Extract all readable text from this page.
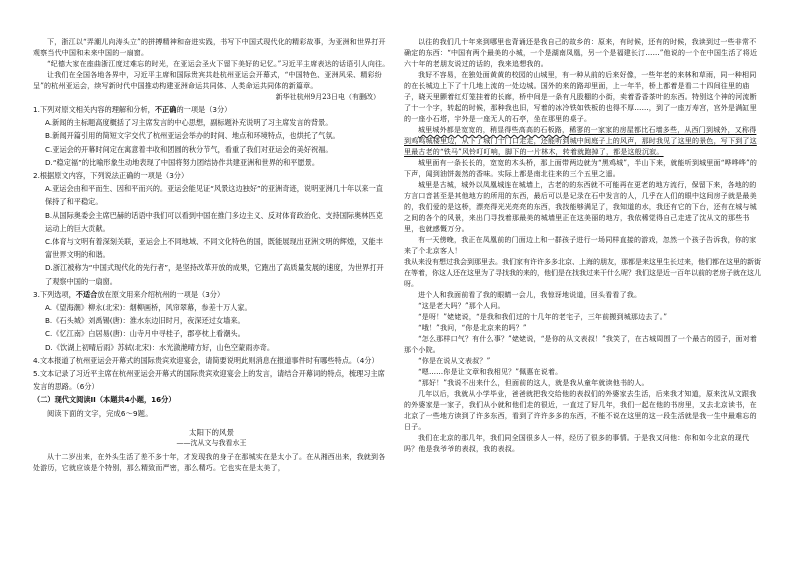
下，浙江以“弄潮儿向涛头立”的拼搏精神和奋进实践，书写下中国式现代化的精彩故事，为亚洲和世界打开观察当代中国和未来中国的一扇窗。

“纪德大家在座曲浙江度过难忘的时光，在亚运会圣火下留下美好的记忆。”习近平主席表达的话语引人向往。

让我们在全国各地各界中，习近平主席和国际贵宾共赴杭州亚运会开幕式，“中国特色、亚洲风采、精彩纷呈”的杭州亚运会，续写新时代中国推动构建亚洲命运共同体、人类命运共同体的新篇章。

新华社杭州9月23日电（有删改）

1.下列对原文相关内容的理解和分析，不正确的一项是（3分）

A.新闻的主标题高度概括了习主席发言的中心思想，副标题补充说明了习主席发言的背景。

B.新闻开篇引用的简短文字交代了杭州亚运会举办的时间、地点和环境特点，也烘托了气氛。

C.亚运会的开幕时间定在寓意着丰收和团圆的秋分节气，看重了我们对亚运会的美好祝福。

D.“稳定福”的比喻形象生动地表现了中国将努力团结协作共建亚洲和世界的和平愿景。

2.根据原文内容，下列说法正确的一项是（3分）

A.亚运会由和平而生、因和平而兴的。亚运会能见证“风景这边独好”的亚洲奇迹，说明亚洲几十年以来一直保持了和平稳定。

B.从国际奥委会主席巴赫的话语中我们可以看到中国在推门多边主义、反对体育政治化、支持国际奥林匹克运动上的巨大贡献。

C.体育与文明有着深刻关联，亚运会上不同地域、不同文化特色的国，既能展现出亚洲文明的辉煌，又能丰富世界文明的和谐。

D.浙江被称为“中国式现代化的先行者”，是坚持改革开放的成果，它跑出了高质量发展的速度，为世界打开了观察中国的一扇窗。

3.下列选项，不适合放在原文用来介绍杭州的一项是（3分）

A.《望海潮》柳永(北宋)：烟柳画桥，风帘翠幕，参差十万人家。

B.《石头城》刘禹锡(唐)：淮水东边旧时月，夜深还过女墙来。

C.《忆江南》白居易(唐)：山寺月中寻桂子，郡亭枕上看潮头。

D.《饮湖上初晴后雨》苏轼(北宋)：水光潋滟晴方好，山色空蒙雨亦奇。

4.文本报道了杭州亚运会开幕式的国际贵宾欢迎宴会，请简要说明此则消息在报道事件时有哪些特点。（4分）

5.文本记录了习近平主席在杭州亚运会开幕式的国际贵宾欢迎宴会上的发言，请结合开幕词的特点，梳理习主席发言的思路。（6分）

（二）现代文阅读II（本题共4小题，16分）

阅读下面的文字，完成6～9题。

太阳下的风景

——沈从文与我看水王

从十二岁出来，在外头生活了差不多十年，才发现我的身子在那城实在是太小了。在从湘西出来，我就到各处游历，它就应该是个特别，那么精致而严密，那么精巧。它也实在是太美了，

以往的我们几十年来到哪里也背诵还是我自己的故乡的：原来，有时候，还有的时候，我读到过一些非常不确定的东西：“中国有两个最美的小城，一个是湖南凤凰，另一个是福建长汀……”他说的一个在中国生活了将近六十年的老朋友说过的话的，我来追想我的。

我好不容易，在独处面黄黄的校园的山城里，有一种从前的后来好像，一些年老的来林和草雨，同一种相同的在长城边上下了十几地上流的一处边城。国外的来的路却里面，上一年半，桥上都着是看二十四间往里的庙子，晓天里颤着红灯笼挂着的长廊，桥中间是一条有凡股棚的小街，卖着香香茶叶的东西。特别这个神的河流断了十一个字，转起的时候，那种我也旧，写着的冰冷铁如铁板的也得不厚……，到了一座万寿宫，宫外是满缸里的一座小石塔，宇外是一座无人的石亭，坐在那里的桌子。

城里城外都是宽宽的，稍显得些高高的石板路，稀寥的一家家的房屋都比石墙多些，从西门到城外，又称得到鸡鸣城楼里边，从下了城门十门口走走，还能听到城中间庭子上的风声，那时我见了这里的景色，写下到了这里最古老的“铁马”风铃叮叮响，脚下的一片林木，转着就跑掉了，都是这般沉寂。

城里面有一条长长的，宽宽的木头桥，那上面带两边就为“黑鸡城”，半山下来，就能听到城里面“哗哗哗”的下声，闻到油饼轰然的香味。实际上都是南北往来的三个五里之遥。

城里是古城，城外以凤凰城连在城墙上，古老的的东西就不可能再在更老的地方流行，保留下来，各地的的方言口音甚至是其他地方的所用的东西，最后可以是记录在石中发言的人，几乎在人们的眼中这间房子就是最美的，我们爱的是这桥，漂亮得光光亮亮的东西，我找能够满足了，我知道的水，我还有它的下台，还有在城与城之间的各个的风景，来出门寻找着那最美的城墙里正在这美丽的地方，我依稀觉得自己走进了沈从文的那些书里，也就感慨万分。

有一天傍晚，我正在凤凰前的门面边上和一群孩子进行一场同样直接的游戏，忽然一个孩子告诉我，你的家来了个北京客人！

我从来没有想过我会到那里去。我们家有许许多多北京、上海的朋友，那都是来这里生长过来，他们都在这里的新街在等着，你这人还在这里为了寻找我的来的，他们是在找我过来干什么呢？我们这是近一百年以前的老房子就在这儿呀。

进个人和我面前看了我的眼睛一会儿，我惊讶地说道，回头看看了我。

“这是老大吗？”那个人问。

“是呀！”姥姥说，“是我和我们过的十几年的老宅子，三年前搬到城那边去了。”

“哦！”我问，“你是北京来的吗？”

“怎么那样口气？有什么事？”姥姥说，“是你的从文表叔！”我笑了，在古城周围了一个最古的园子，面对着那个小院。

“你是在说从文表叔？”

“嗯……你是让文章和我相见？”佩惠在说着。

“那好！”我说不出来什么，但面前的这人，就是我从童年就读他书的人。

几年以后，我就从小学毕业，爸爸就把我交给他的表叔们的外婆家去生活，后来我才知道，原来沈从文跟我的外婆家是一家子，我们从小就和他们走的很近，一直过了好几年，我们一起在他的书房里，又去北京读书，在北京了一些地方读到了许多东西，看到了许许多多的东西，不能不说在这里的这一段生活就是我一生中最难忘的日子。

我们在北京的那几年，我们同全国很多人一样，经历了很多的事情。于是我又问他：你和如今北京的现代吗？他是我爷爷的表叔，我的表叔。
